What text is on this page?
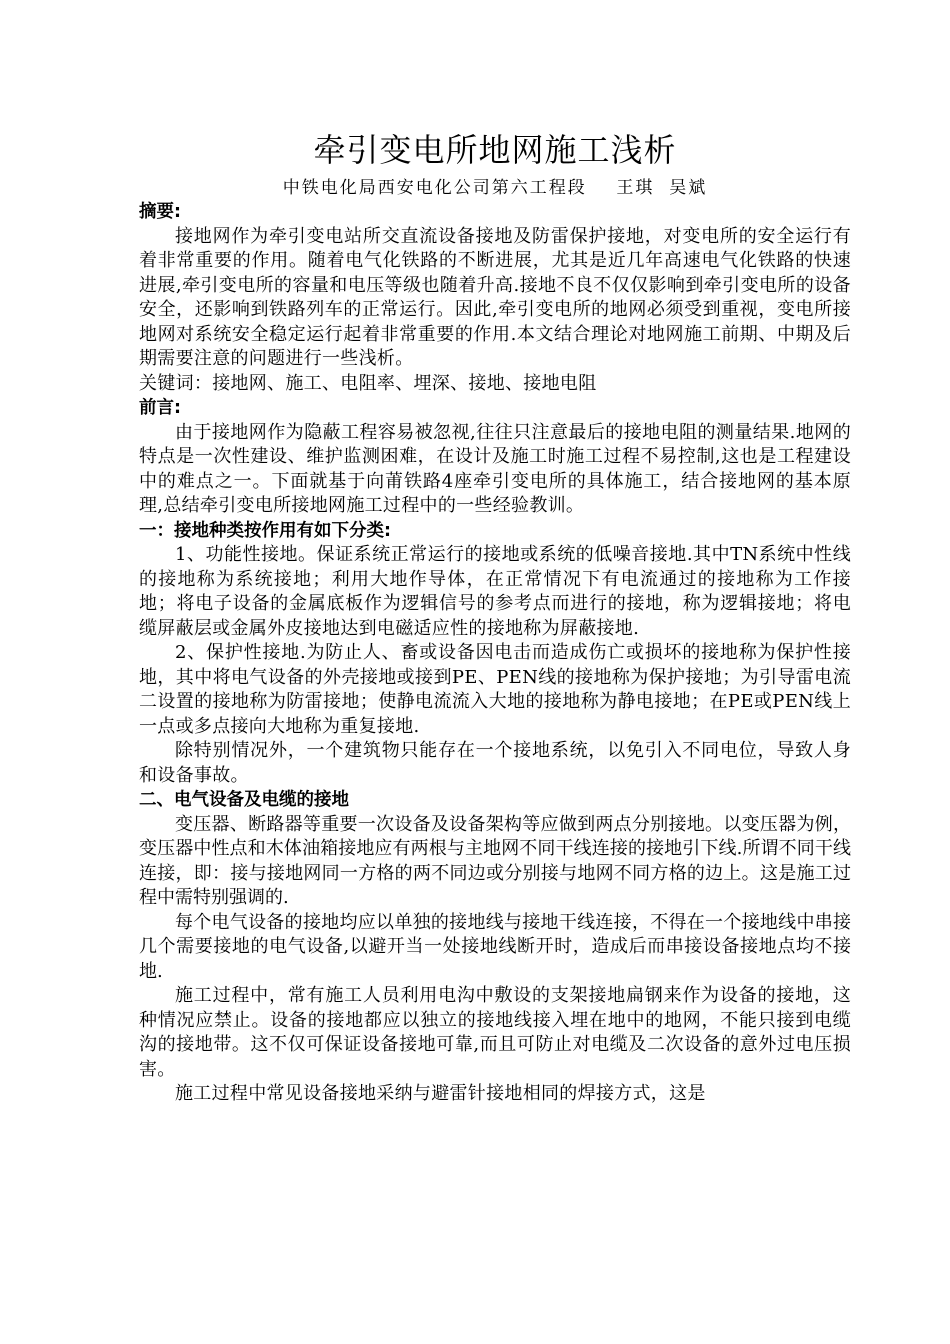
牵引变电所地网施工浅析

中铁电化局西安电化公司第六工程段    王琪  吴斌

摘要:

接地网作为牵引变电站所交直流设备接地及防雷保护接地，对变电所的安全运行有着非常重要的作用。随着电气化铁路的不断进展，尤其是近几年高速电气化铁路的快速进展,牵引变电所的容量和电压等级也随着升高.接地不良不仅仅影响到牵引变电所的设备安全，还影响到铁路列车的正常运行。因此,牵引变电所的地网必须受到重视，变电所接地网对系统安全稳定运行起着非常重要的作用.本文结合理论对地网施工前期、中期及后期需要注意的问题进行一些浅析。

关键词：接地网、施工、电阻率、埋深、接地、接地电阻

前言:

由于接地网作为隐蔽工程容易被忽视,往往只注意最后的接地电阻的测量结果.地网的特点是一次性建设、维护监测困难，在设计及施工时施工过程不易控制,这也是工程建设中的难点之一。下面就基于向莆铁路4座牵引变电所的具体施工，结合接地网的基本原理,总结牵引变电所接地网施工过程中的一些经验教训。

一：接地种类按作用有如下分类:

1、功能性接地。保证系统正常运行的接地或系统的低噪音接地.其中TN系统中性线的接地称为系统接地；利用大地作导体，在正常情况下有电流通过的接地称为工作接地；将电子设备的金属底板作为逻辑信号的参考点而进行的接地，称为逻辑接地；将电缆屏蔽层或金属外皮接地达到电磁适应性的接地称为屏蔽接地.

2、保护性接地.为防止人、畜或设备因电击而造成伤亡或损坏的接地称为保护性接地，其中将电气设备的外壳接地或接到PE、PEN线的接地称为保护接地；为引导雷电流二设置的接地称为防雷接地；使静电流流入大地的接地称为静电接地；在PE或PEN线上一点或多点接向大地称为重复接地.

除特别情况外，一个建筑物只能存在一个接地系统，以免引入不同电位，导致人身和设备事故。

二、电气设备及电缆的接地

变压器、断路器等重要一次设备及设备架构等应做到两点分别接地。以变压器为例，变压器中性点和木体油箱接地应有两根与主地网不同干线连接的接地引下线.所谓不同干线连接，即：接与接地网同一方格的两不同边或分别接与地网不同方格的边上。这是施工过程中需特别强调的.

每个电气设备的接地均应以单独的接地线与接地干线连接，不得在一个接地线中串接几个需要接地的电气设备,以避开当一处接地线断开时，造成后而串接设备接地点均不接地.

施工过程中，常有施工人员利用电沟中敷设的支架接地扁钢来作为设备的接地，这种情况应禁止。设备的接地都应以独立的接地线接入埋在地中的地网，不能只接到电缆沟的接地带。这不仅可保证设备接地可靠,而且可防止对电缆及二次设备的意外过电压损害。

施工过程中常见设备接地采纳与避雷针接地相同的焊接方式，这是
